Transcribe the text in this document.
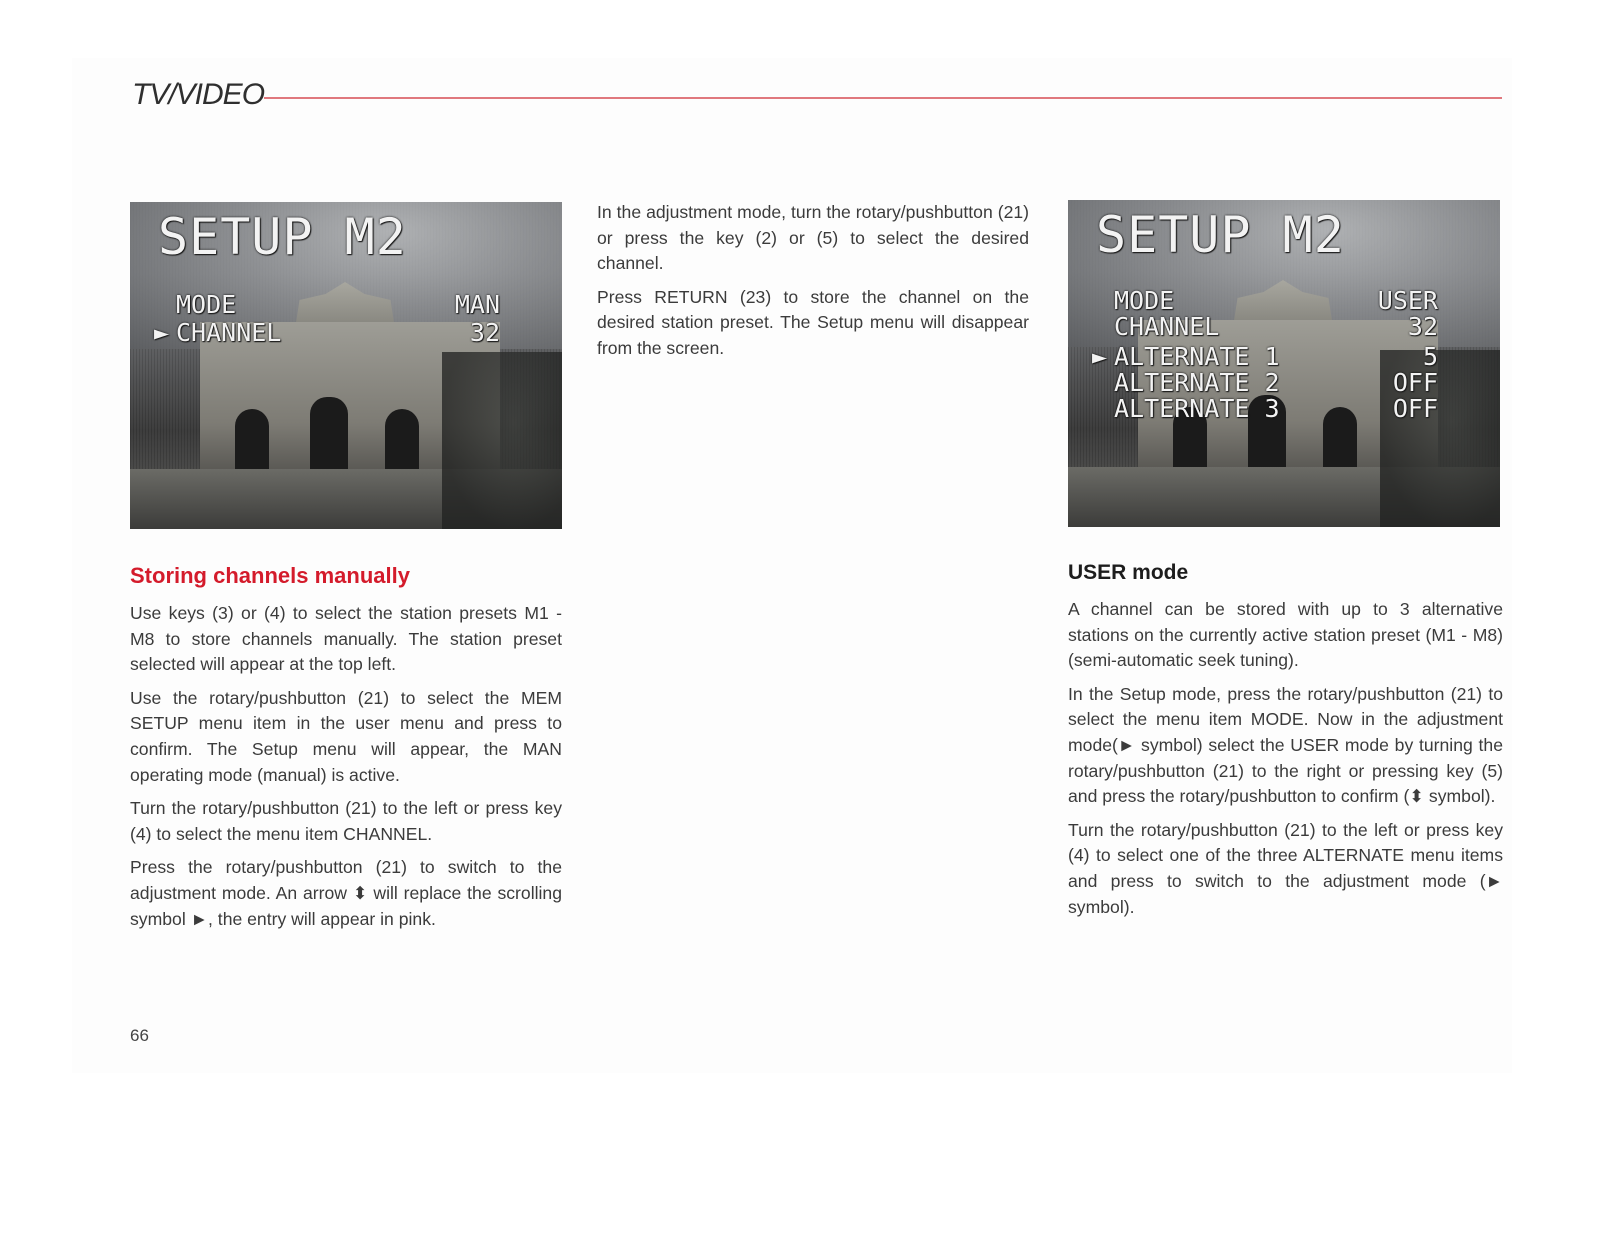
TV/VIDEO
SETUP M2
MODE	MAN
► CHANNEL	32
Storing channels manually

Use keys (3) or (4) to select the station presets M1 - M8 to store channels manually. The station preset selected will appear at the top left.

Use the rotary/pushbutton (21) to select the MEM SETUP menu item in the user menu and press to confirm. The Setup menu will appear, the MAN operating mode (manual) is active.

Turn the rotary/pushbutton (21) to the left or press key (4) to select the menu item CHANNEL.

Press the rotary/pushbutton (21) to switch to the adjustment mode. An arrow ⬍ will replace the scrolling symbol ►, the entry will appear in pink.

In the adjustment mode, turn the rotary/pushbutton (21) or press the key (2) or (5) to select the desired channel.

Press RETURN (23) to store the channel on the desired station preset. The Setup menu will disappear from the screen.

SETUP M2
MODE	USER
CHANNEL	32
► ALTERNATE 1	5
ALTERNATE 2	OFF
ALTERNATE 3	OFF
USER mode

A channel can be stored with up to 3 alternative stations on the currently active station preset (M1 - M8) (semi-automatic seek tuning).

In the Setup mode, press the rotary/pushbutton (21) to select the menu item MODE. Now in the adjustment mode(► symbol) select the USER mode by turning the rotary/pushbutton (21) to the right or pressing key (5) and press the rotary/pushbutton to confirm (⬍ symbol).

Turn the rotary/pushbutton (21) to the left or press key (4) to select one of the three ALTERNATE menu items and press to switch to the adjustment mode (► symbol).

66
